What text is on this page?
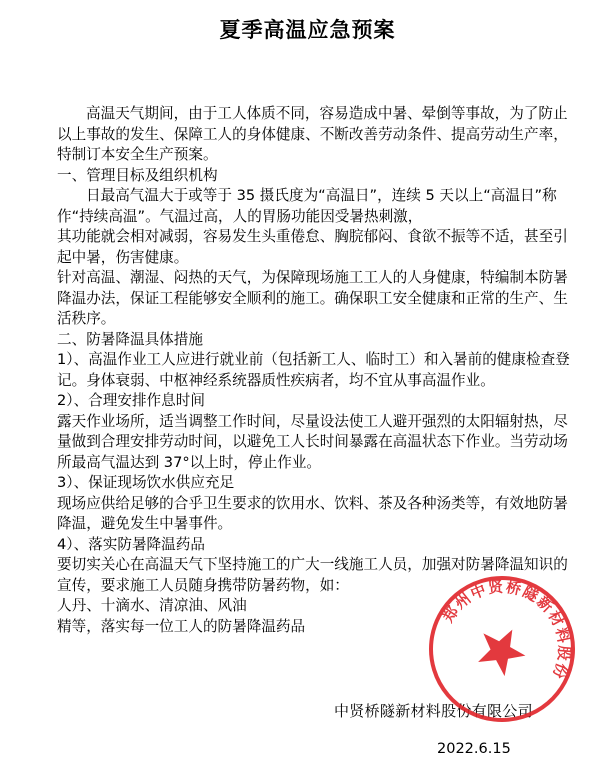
夏季高温应急预案

高温天气期间，由于工人体质不同，容易造成中暑、晕倒等事故，为了防止以上事故的发生、保障工人的身体健康、不断改善劳动条件、提高劳动生产率，特制订本安全生产预案。

一、管理目标及组织机构

日最高气温大于或等于 35 摄氏度为“高温日”，连续 5 天以上“高温日”称作“持续高温”。气温过高，人的胃肠功能因受暑热刺激，

其功能就会相对减弱，容易发生头重倦怠、胸脘郁闷、食欲不振等不适，甚至引起中暑，伤害健康。

针对高温、潮湿、闷热的天气，为保障现场施工工人的人身健康，特编制本防暑降温办法，保证工程能够安全顺利的施工。确保职工安全健康和正常的生产、生活秩序。

二、防暑降温具体措施

1）、高温作业工人应进行就业前（包括新工人、临时工）和入暑前的健康检查登记。身体衰弱、中枢神经系统器质性疾病者，均不宜从事高温作业。

2）、合理安排作息时间

露天作业场所，适当调整工作时间，尽量设法使工人避开强烈的太阳辐射热，尽量做到合理安排劳动时间，以避免工人长时间暴露在高温状态下作业。当劳动场所最高气温达到 37°以上时，停止作业。

3）、保证现场饮水供应充足

现场应供给足够的合乎卫生要求的饮用水、饮料、茶及各种汤类等，有效地防暑降温，避免发生中暑事件。

4）、落实防暑降温药品

要切实关心在高温天气下坚持施工的广大一线施工人员，加强对防暑降温知识的宣传，要求施工人员随身携带防暑药物，如：

人丹、十滴水、清凉油、风油

精等，落实每一位工人的防暑降温药品

中贤桥隧新材料股份有限公司
2022.6.15
郑州中贤桥隧新材料股份
